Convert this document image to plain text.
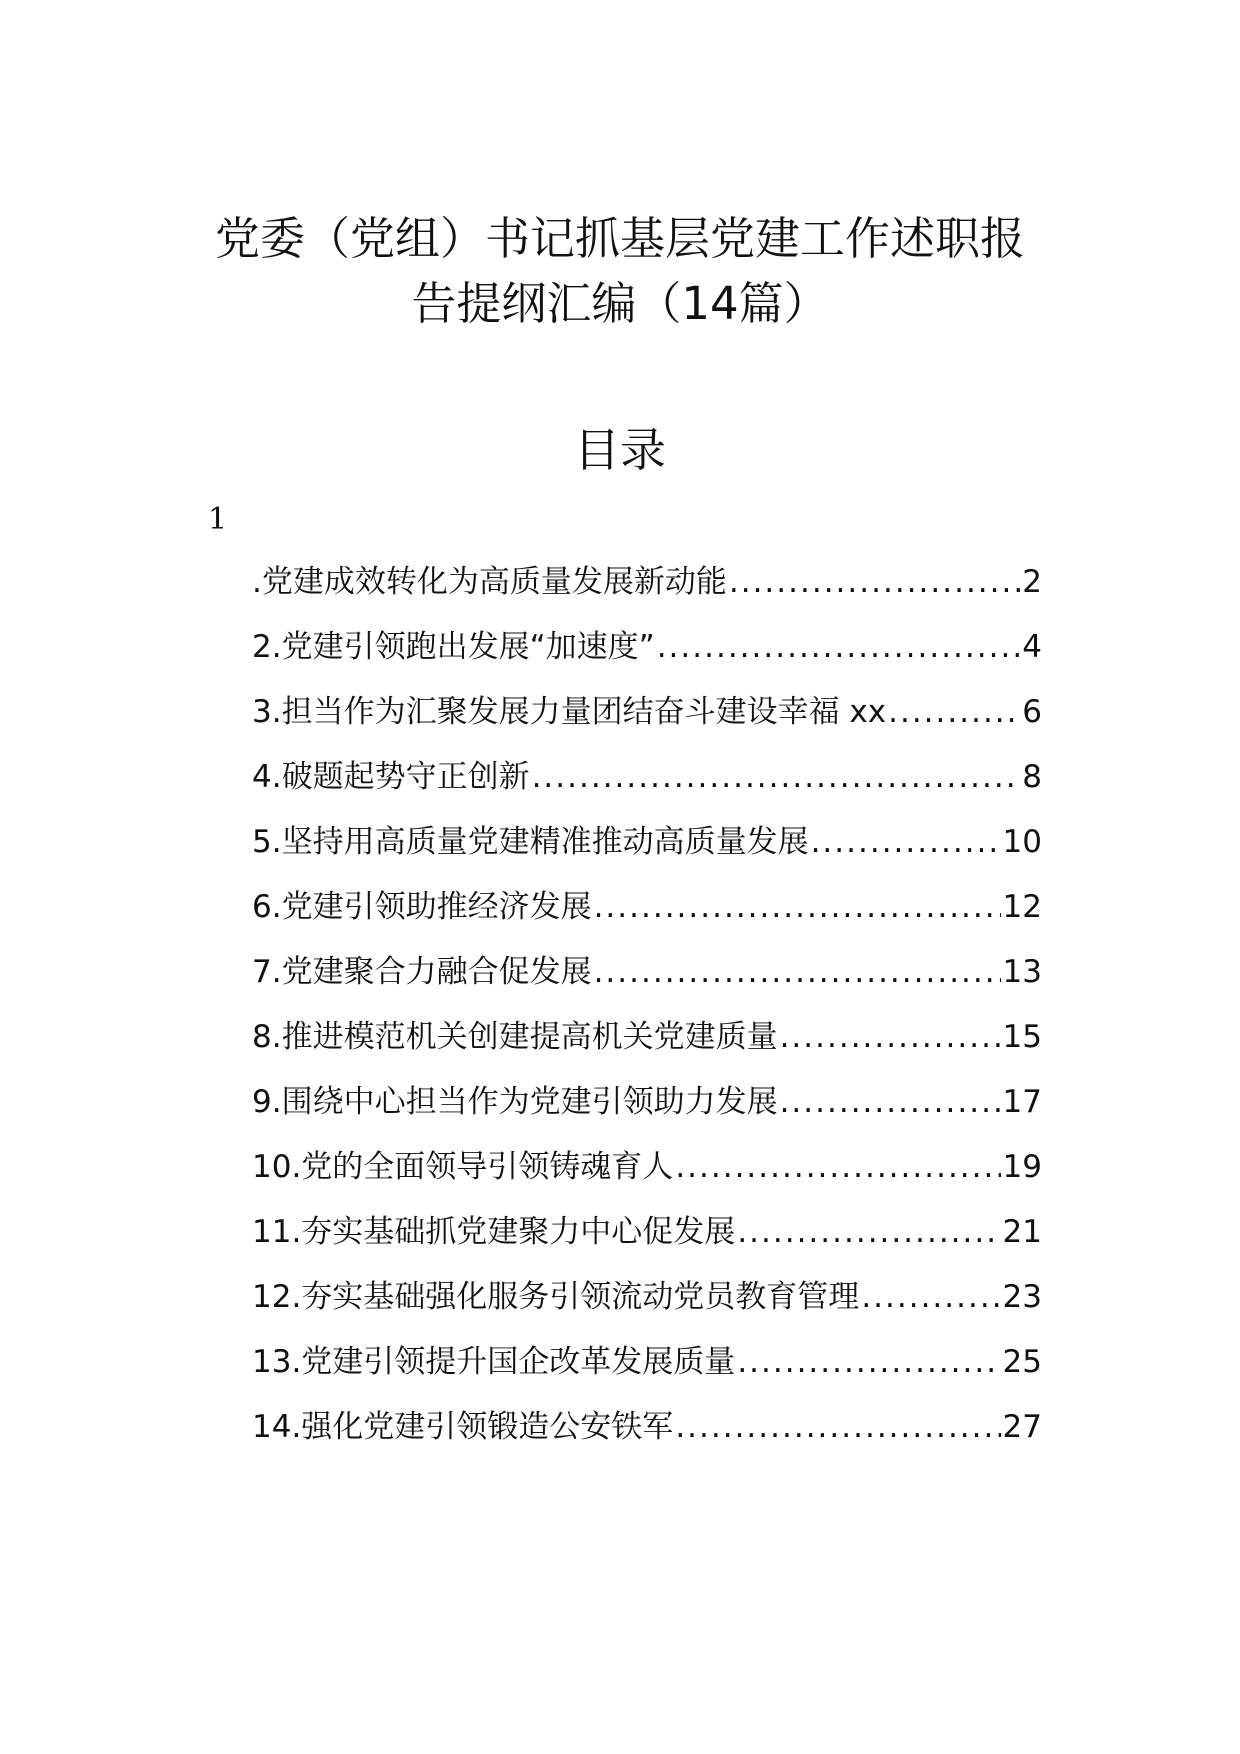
党委（党组）书记抓基层党建工作述职报
告提纲汇编（14篇）
目录
1
.党建成效转化为高质量发展新动能 .....	2
2.党建引领跑出发展“加速度” .....	4
3.担当作为汇聚发展力量团结奋斗建设幸福 xx .....	6
4.破题起势守正创新 .....	8
5.坚持用高质量党建精准推动高质量发展 .....	10
6.党建引领助推经济发展 .....	12
7.党建聚合力融合促发展 .....	13
8.推进模范机关创建提高机关党建质量 .....	15
9.围绕中心担当作为党建引领助力发展 .....	17
10.党的全面领导引领铸魂育人 .....	19
11.夯实基础抓党建聚力中心促发展 .....	21
12.夯实基础强化服务引领流动党员教育管理 .....	23
13.党建引领提升国企改革发展质量 .....	25
14.强化党建引领锻造公安铁军 .....	27
